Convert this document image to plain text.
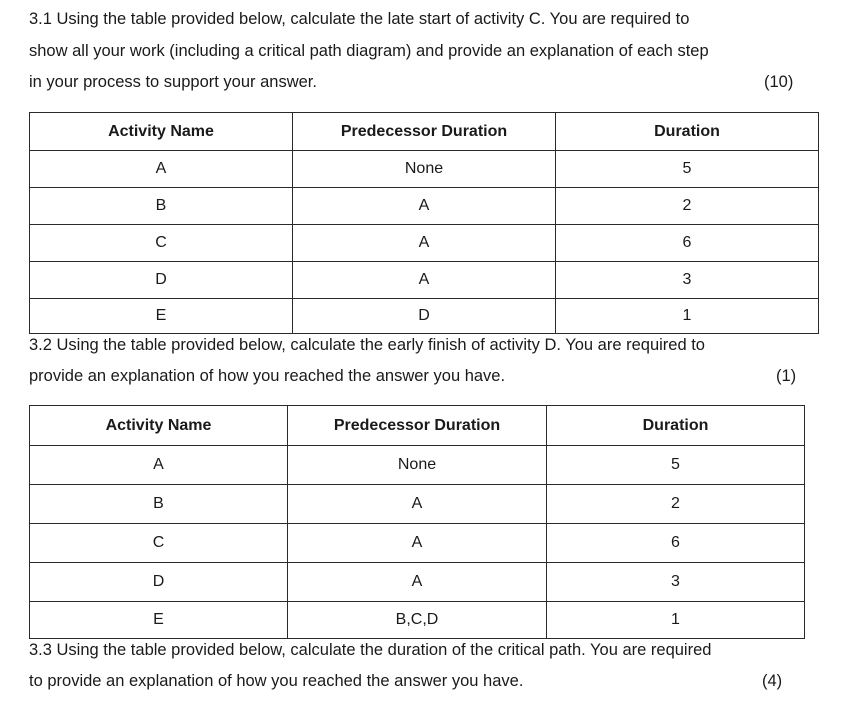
3.1 Using the table provided below, calculate the late start of activity C. You are required to
show all your work (including a critical path diagram) and provide an explanation of each step
in your process to support your answer.	(10)
Activity Name	Predecessor Duration	Duration
A	None	5
B	A	2
C	A	6
D	A	3
E	D	1
3.2 Using the table provided below, calculate the early finish of activity D. You are required to
provide an explanation of how you reached the answer you have.	(1)
Activity Name	Predecessor Duration	Duration
A	None	5
B	A	2
C	A	6
D	A	3
E	B,C,D	1
3.3 Using the table provided below, calculate the duration of the critical path. You are required
to provide an explanation of how you reached the answer you have.	(4)
